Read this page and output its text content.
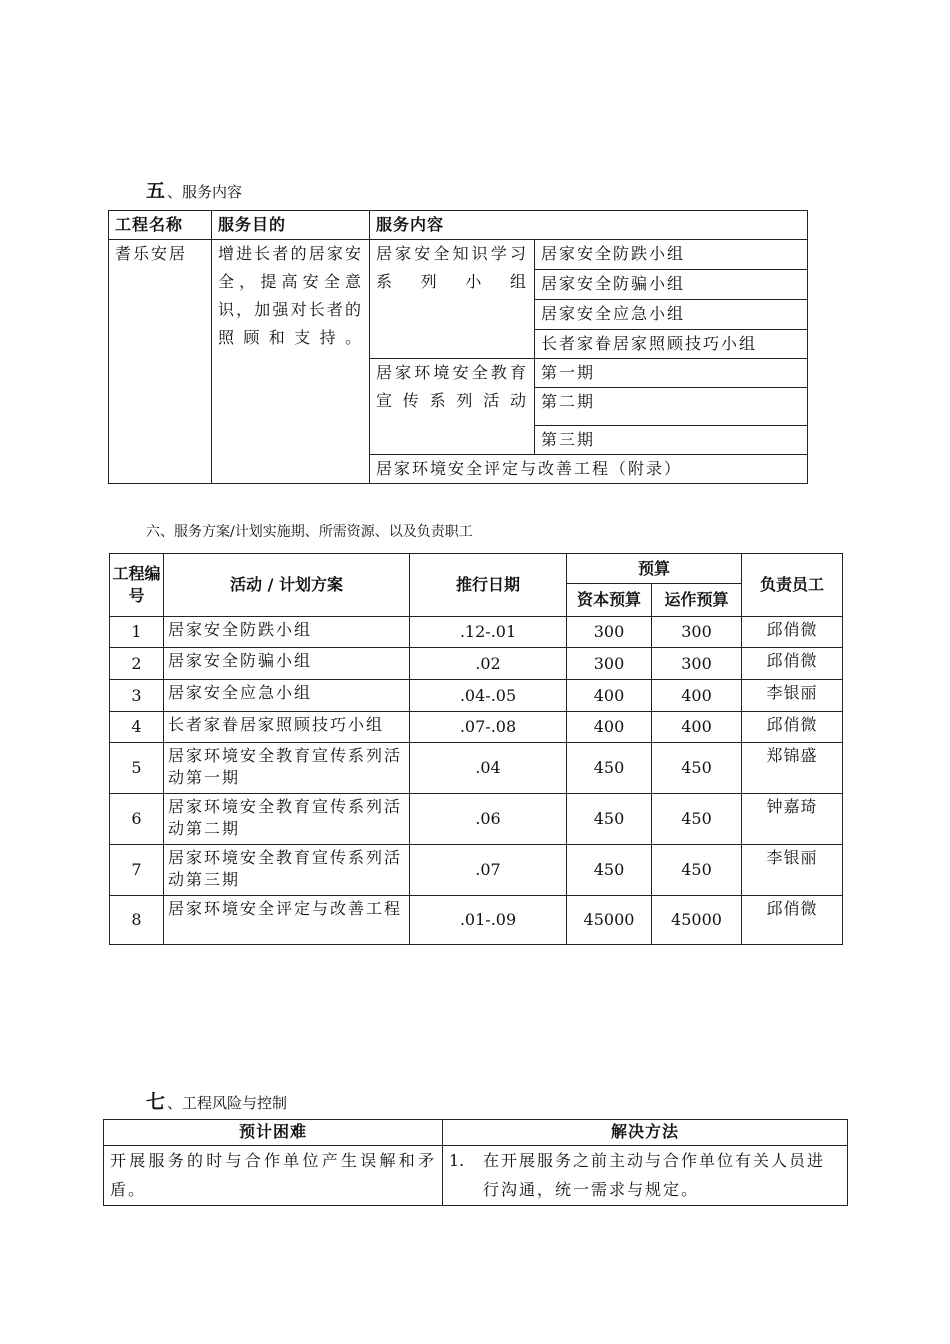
五 、服务内容
工程名称	服务目的	服务内容	
耆乐安居	增进长者的居家安全，提高安全意识，加强对长者的照顾和支持。	居家安全知识学习系列小组	居家安全防跌小组
			居家安全防骗小组
			居家安全应急小组
			长者家眷居家照顾技巧小组
		居家环境安全教育宣传系列活动	第一期
			第二期
			第三期
		居家环境安全评定与改善工程（附录）	
六、服务方案/计划实施期、所需资源、以及负责职工
工程编号	活动 / 计划方案	推行日期	预算		负责员工
			资本预算	运作预算	
1	居家安全防跌小组	.12-.01	300	300	邱俏微
2	居家安全防骗小组	.02	300	300	邱俏微
3	居家安全应急小组	.04-.05	400	400	李银丽
4	长者家眷居家照顾技巧小组	.07-.08	400	400	邱俏微
5	居家环境安全教育宣传系列活动第一期	.04	450	450	郑锦盛
6	居家环境安全教育宣传系列活动第二期	.06	450	450	钟嘉琦
7	居家环境安全教育宣传系列活动第三期	.07	450	450	李银丽
8	居家环境安全评定与改善工程	.01-.09	45000	45000	邱俏微
七 、工程风险与控制
预计困难	解决方法
开展服务的时与合作单位产生误解和矛盾。	1. 在开展服务之前主动与合作单位有关人员进行沟通，统一需求与规定。
